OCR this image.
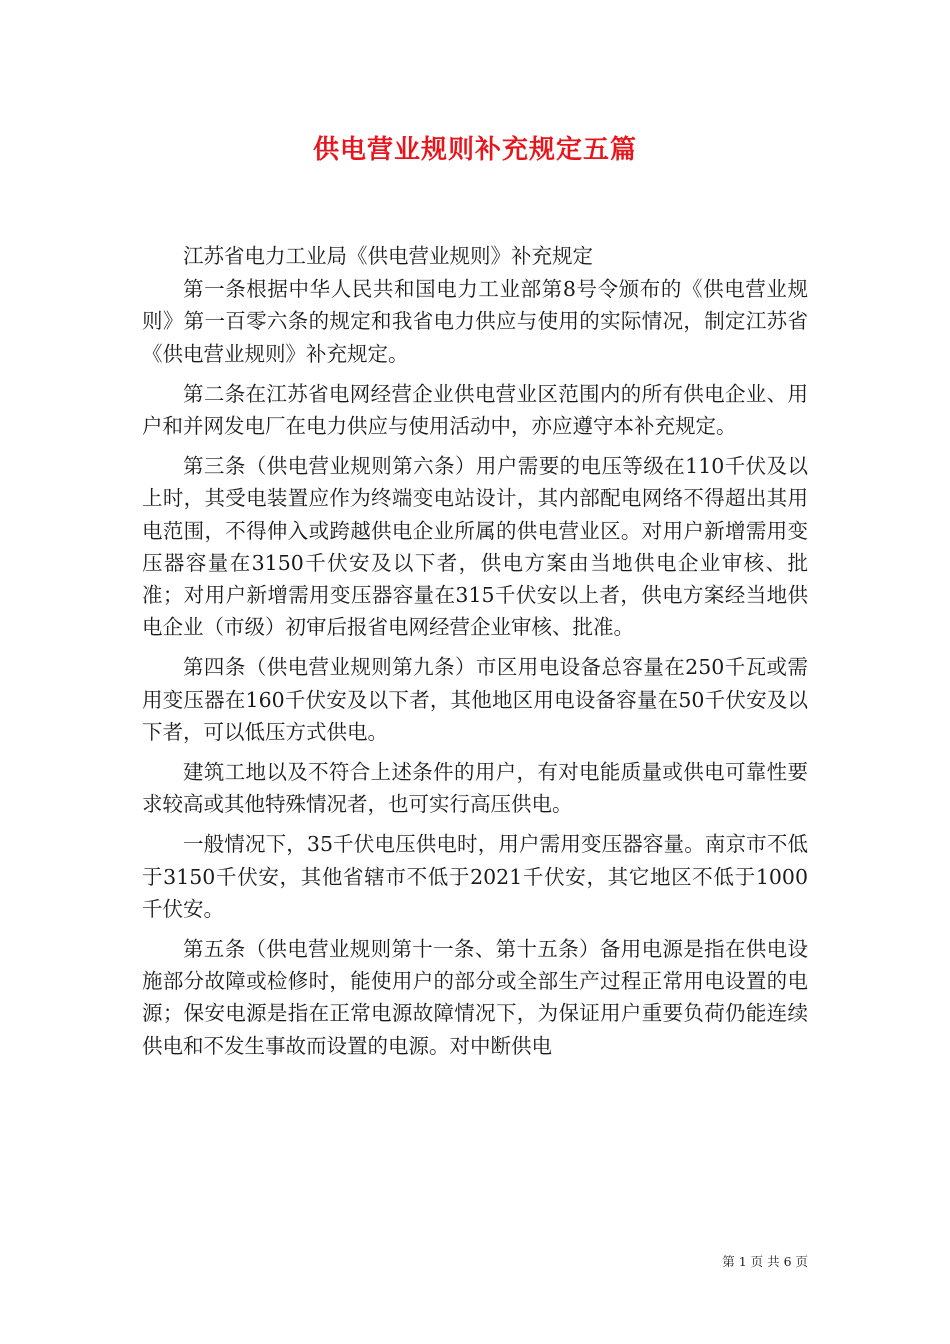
供电营业规则补充规定五篇

江苏省电力工业局《供电营业规则》补充规定

第一条根据中华人民共和国电力工业部第8号令颁布的《供电营业规则》第一百零六条的规定和我省电力供应与使用的实际情况，制定江苏省《供电营业规则》补充规定。

第二条在江苏省电网经营企业供电营业区范围内的所有供电企业、用户和并网发电厂在电力供应与使用活动中，亦应遵守本补充规定。

第三条（供电营业规则第六条）用户需要的电压等级在110千伏及以上时，其受电装置应作为终端变电站设计，其内部配电网络不得超出其用电范围，不得伸入或跨越供电企业所属的供电营业区。对用户新增需用变压器容量在3150千伏安及以下者，供电方案由当地供电企业审核、批准；对用户新增需用变压器容量在315千伏安以上者，供电方案经当地供电企业（市级）初审后报省电网经营企业审核、批准。

第四条（供电营业规则第九条）市区用电设备总容量在250千瓦或需用变压器在160千伏安及以下者，其他地区用电设备容量在50千伏安及以下者，可以低压方式供电。

建筑工地以及不符合上述条件的用户，有对电能质量或供电可靠性要求较高或其他特殊情况者，也可实行高压供电。

一般情况下，35千伏电压供电时，用户需用变压器容量。南京市不低于3150千伏安，其他省辖市不低于2021千伏安，其它地区不低于1000千伏安。

第五条（供电营业规则第十一条、第十五条）备用电源是指在供电设施部分故障或检修时，能使用户的部分或全部生产过程正常用电设置的电源；保安电源是指在正常电源故障情况下，为保证用户重要负荷仍能连续供电和不发生事故而设置的电源。对中断供电

第 1 页 共 6 页
